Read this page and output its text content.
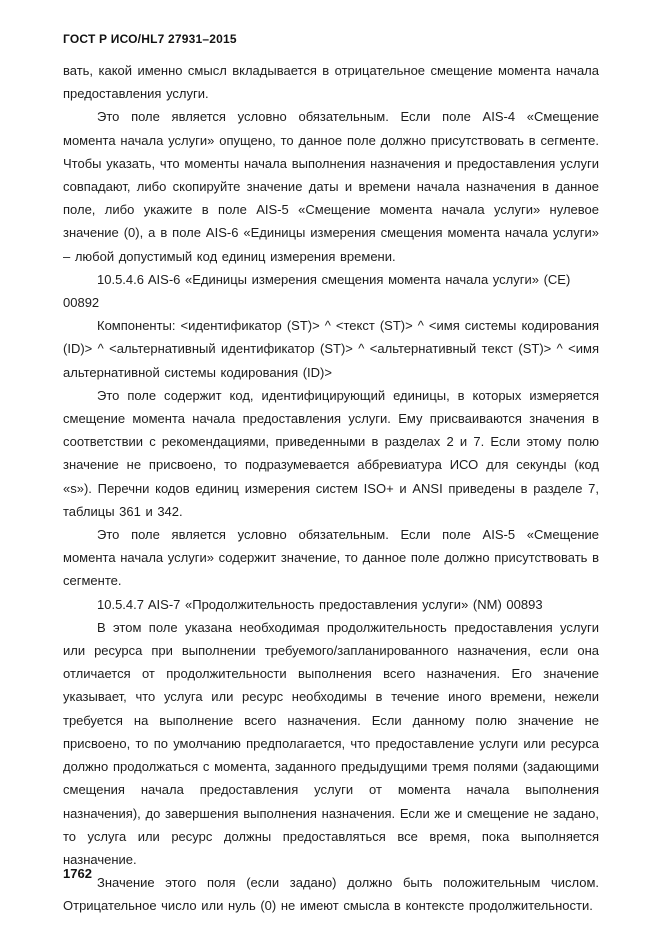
ГОСТ Р ИСО/HL7 27931–2015

вать, какой именно смысл вкладывается в отрицательное смещение момента начала предоставления услуги.

Это поле является условно обязательным. Если поле AIS-4 «Смещение момента начала услуги» опущено, то данное поле должно присутствовать в сегменте. Чтобы указать, что моменты начала выполнения назначения и предоставления услуги совпадают, либо скопируйте значение даты и времени начала назначения в данное поле, либо укажите в поле AIS-5 «Смещение момента начала услуги» нулевое значение (0), а в поле AIS-6 «Единицы измерения смещения момента начала услуги» – любой допустимый код единиц измерения времени.

10.5.4.6 AIS-6 «Единицы измерения смещения момента начала услуги» (CE) 00892

Компоненты: <идентификатор (ST)> ^ <текст (ST)> ^ <имя системы кодирования (ID)> ^ <альтернативный идентификатор (ST)> ^ <альтернативный текст (ST)> ^ <имя альтернативной системы кодирования (ID)>

Это поле содержит код, идентифицирующий единицы, в которых измеряется смещение момента начала предоставления услуги. Ему присваиваются значения в соответствии с рекомендациями, приведенными в разделах 2 и 7. Если этому полю значение не присвоено, то подразумевается аббревиатура ИСО для секунды (код «s»). Перечни кодов единиц измерения систем ISO+ и ANSI приведены в разделе 7, таблицы 361 и 342.

Это поле является условно обязательным. Если поле AIS-5 «Смещение момента начала услуги» содержит значение, то данное поле должно присутствовать в сегменте.

10.5.4.7 AIS-7 «Продолжительность предоставления услуги» (NM) 00893

В этом поле указана необходимая продолжительность предоставления услуги или ресурса при выполнении требуемого/запланированного назначения, если она отличается от продолжительности выполнения всего назначения. Его значение указывает, что услуга или ресурс необходимы в течение иного времени, нежели требуется на выполнение всего назначения. Если данному полю значение не присвоено, то по умолчанию предполагается, что предоставление услуги или ресурса должно продолжаться с момента, заданного предыдущими тремя полями (задающими смещения начала предоставления услуги от момента начала выполнения назначения), до завершения выполнения назначения. Если же и смещение не задано, то услуга или ресурс должны предоставляться все время, пока выполняется назначение.

Значение этого поля (если задано) должно быть положительным числом. Отрицательное число или нуль (0) не имеют смысла в контексте продолжительности.

1762
